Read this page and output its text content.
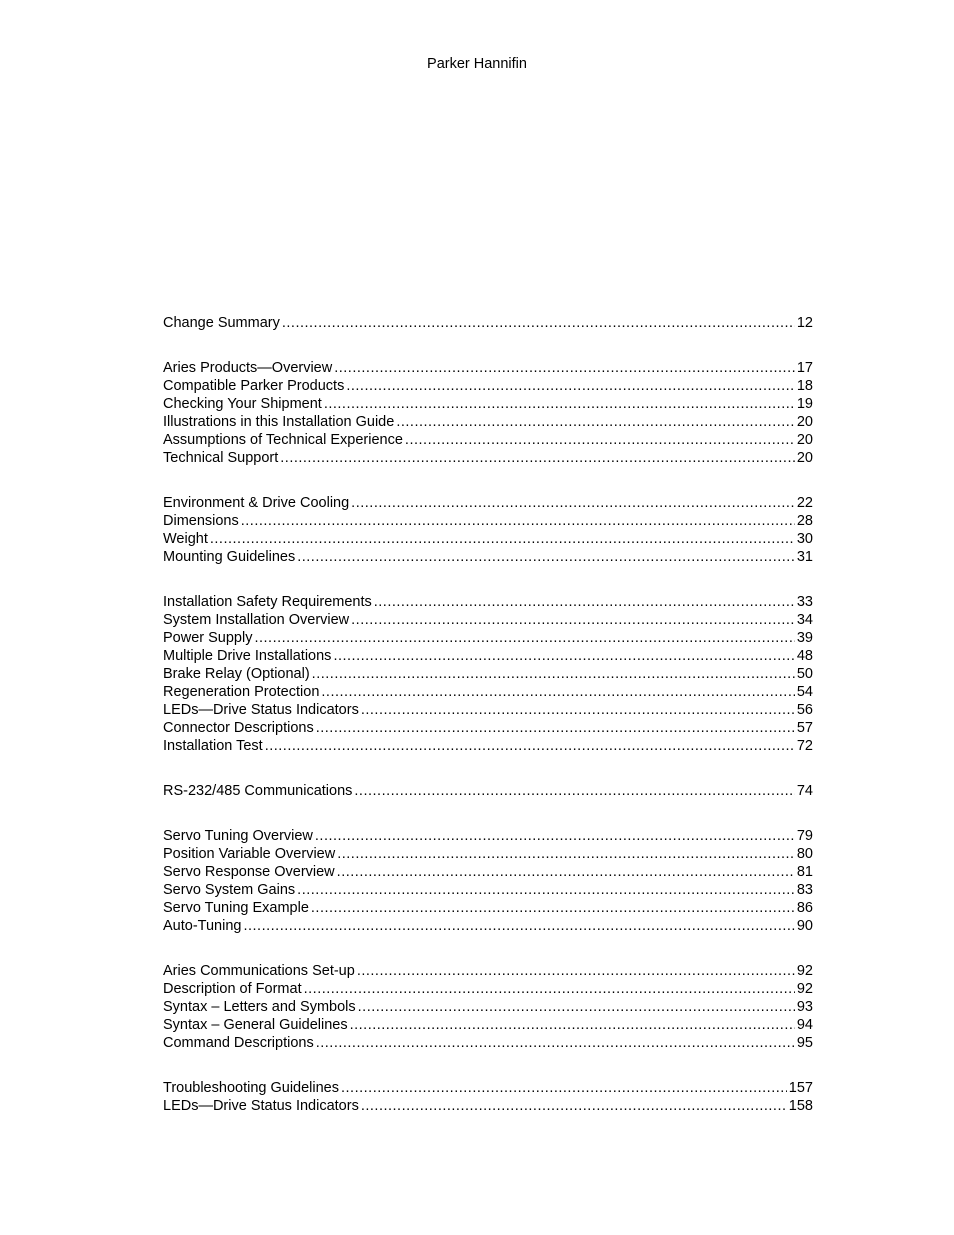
Parker Hannifin
Change Summary .....	12
Aries Products—Overview .....	17
Compatible Parker Products .....	18
Checking Your Shipment .....	19
Illustrations in this Installation Guide .....	20
Assumptions of Technical Experience .....	20
Technical Support .....	20
Environment & Drive Cooling .....	22
Dimensions .....	28
Weight .....	30
Mounting Guidelines .....	31
Installation Safety Requirements .....	33
System Installation Overview .....	34
Power Supply .....	39
Multiple Drive Installations .....	48
Brake Relay (Optional) .....	50
Regeneration Protection .....	54
LEDs—Drive Status Indicators .....	56
Connector Descriptions .....	57
Installation Test .....	72
RS-232/485 Communications .....	74
Servo Tuning Overview .....	79
Position Variable Overview .....	80
Servo Response Overview .....	81
Servo System Gains .....	83
Servo Tuning Example .....	86
Auto-Tuning .....	90
Aries Communications Set-up .....	92
Description of Format .....	92
Syntax – Letters and Symbols .....	93
Syntax – General Guidelines .....	94
Command Descriptions .....	95
Troubleshooting Guidelines .....	157
LEDs—Drive Status Indicators .....	158
